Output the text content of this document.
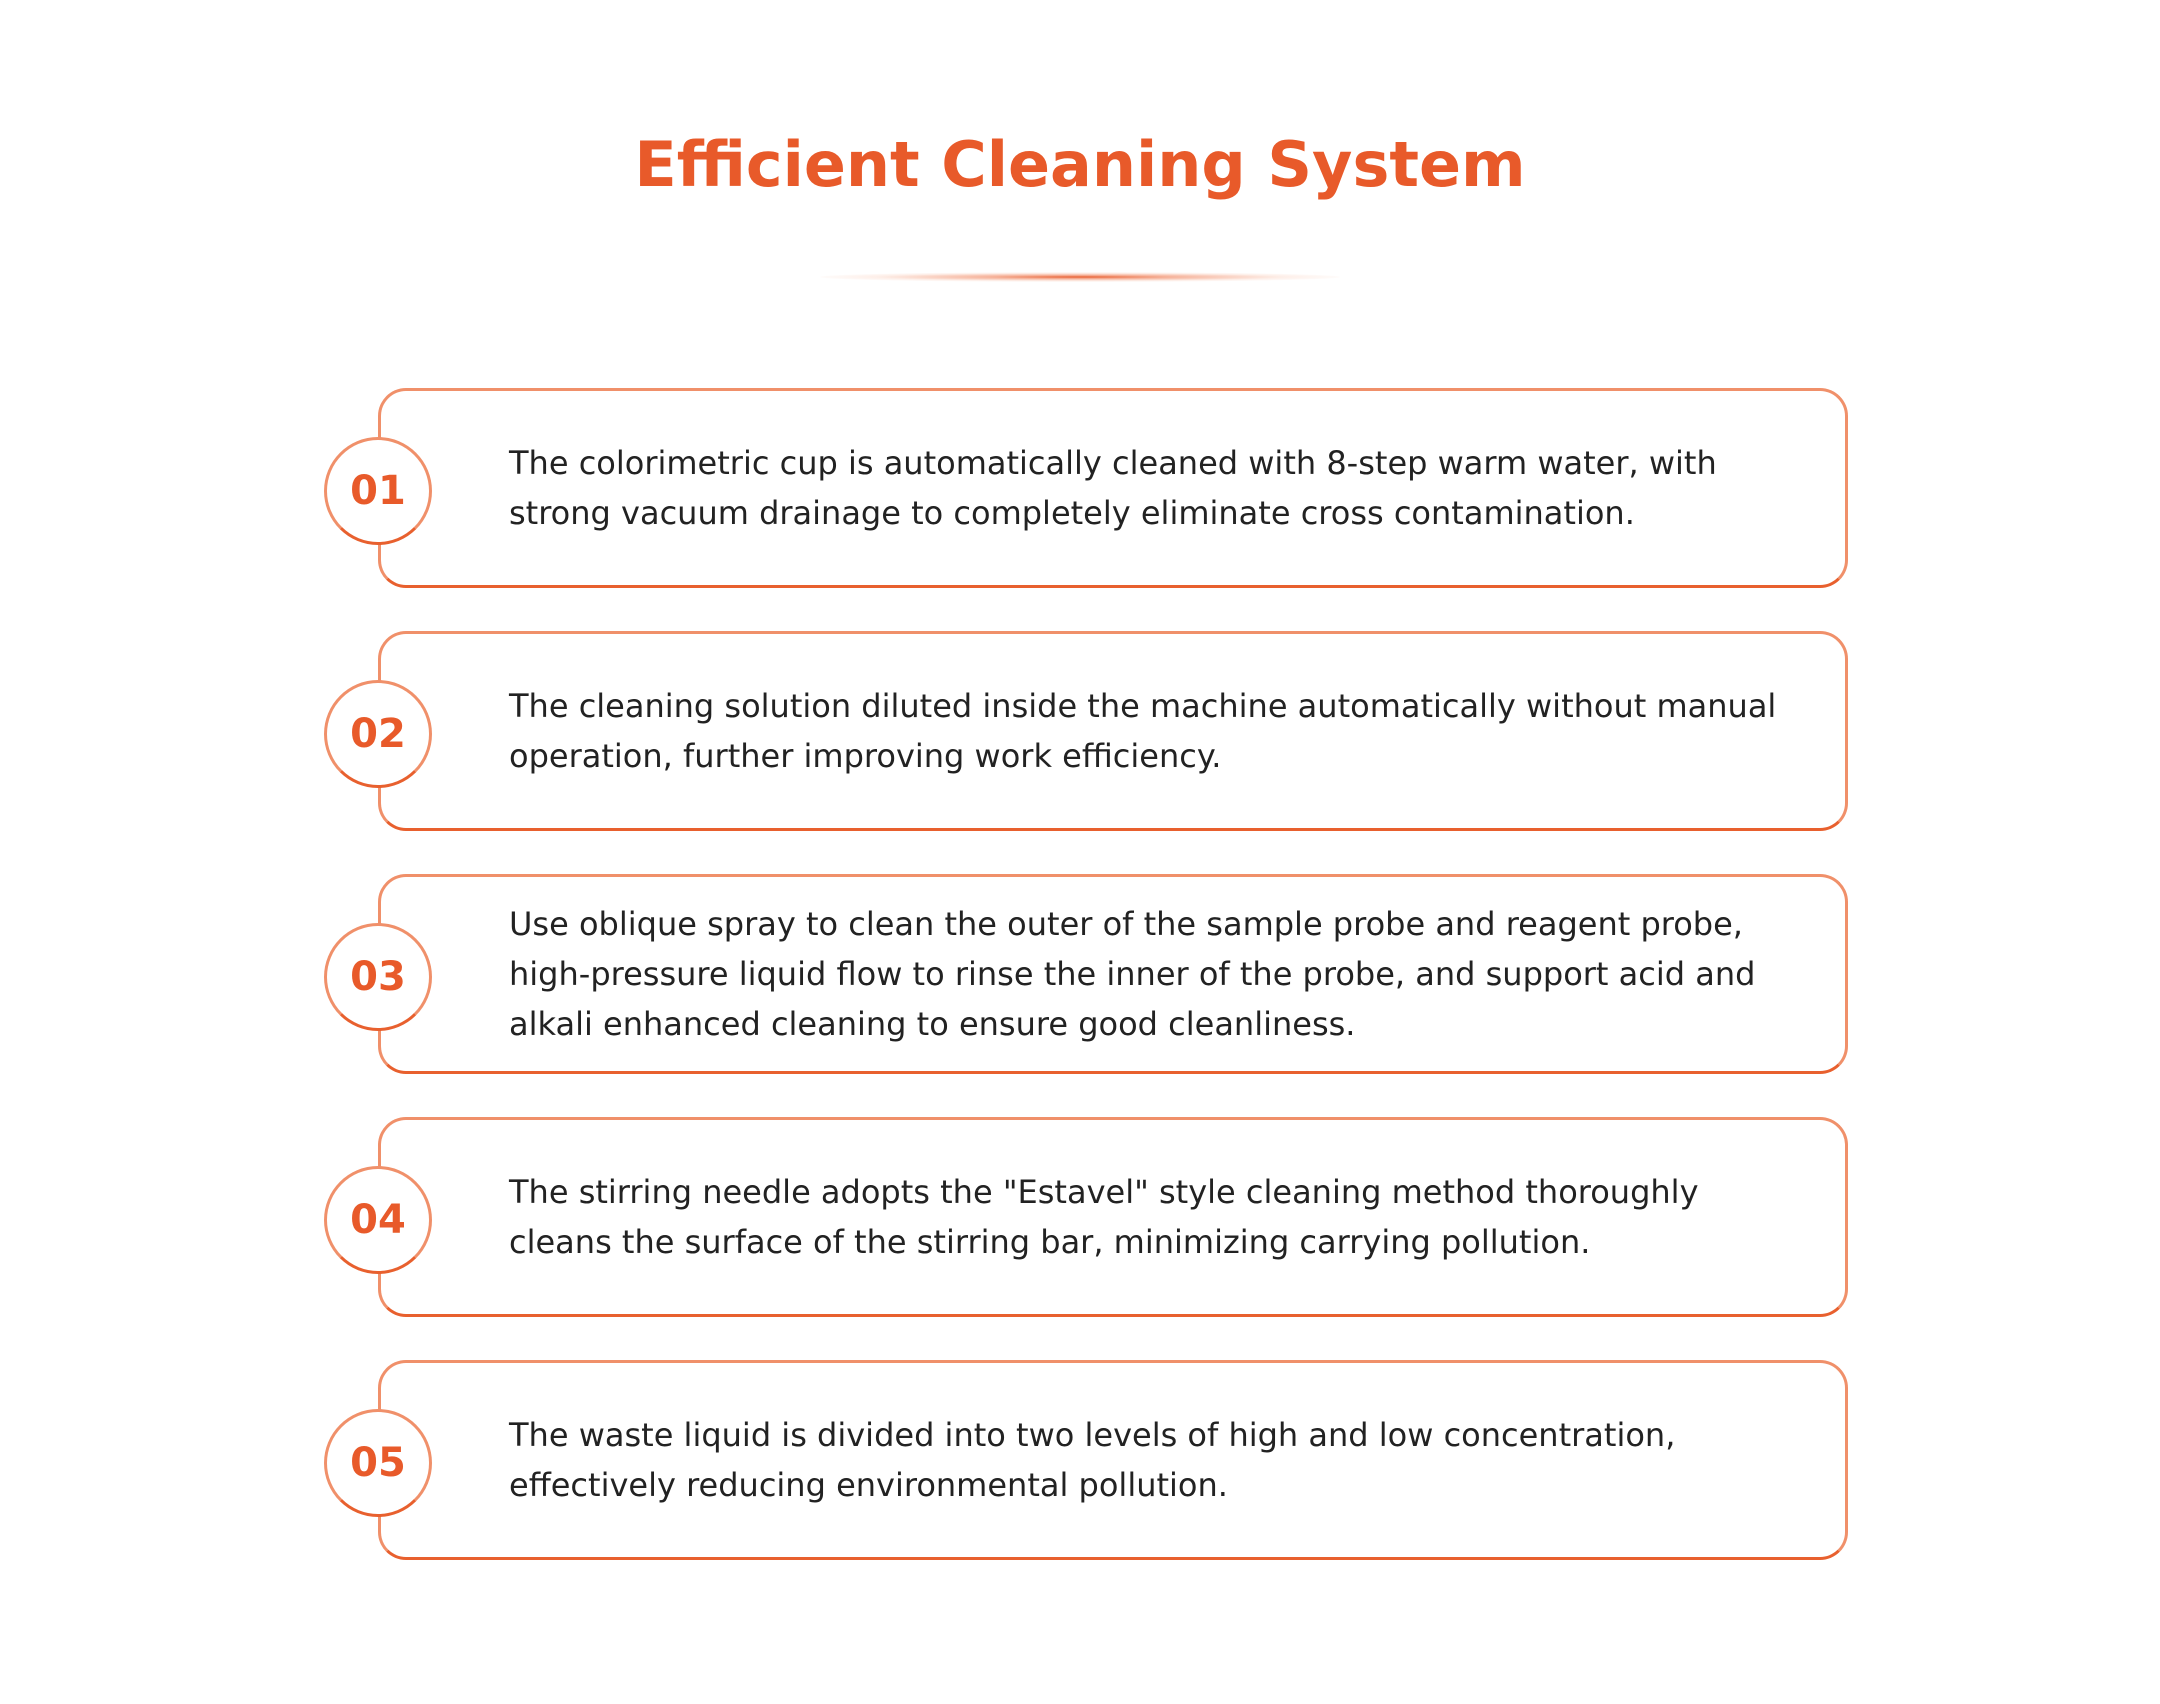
Efficient Cleaning System
01
The colorimetric cup is automatically cleaned with 8-step warm water, with strong vacuum drainage to completely eliminate cross contamination.
02
The cleaning solution diluted inside the machine automatically without manual operation, further improving work efficiency.
03
Use oblique spray to clean the outer of the sample probe and reagent probe, high-pressure liquid flow to rinse the inner of the probe, and support acid and alkali enhanced cleaning to ensure good cleanliness.
04
The stirring needle adopts the "Estavel" style cleaning method thoroughly cleans the surface of the stirring bar, minimizing carrying pollution.
05
The waste liquid is divided into two levels of high and low concentration, effectively reducing environmental pollution.
